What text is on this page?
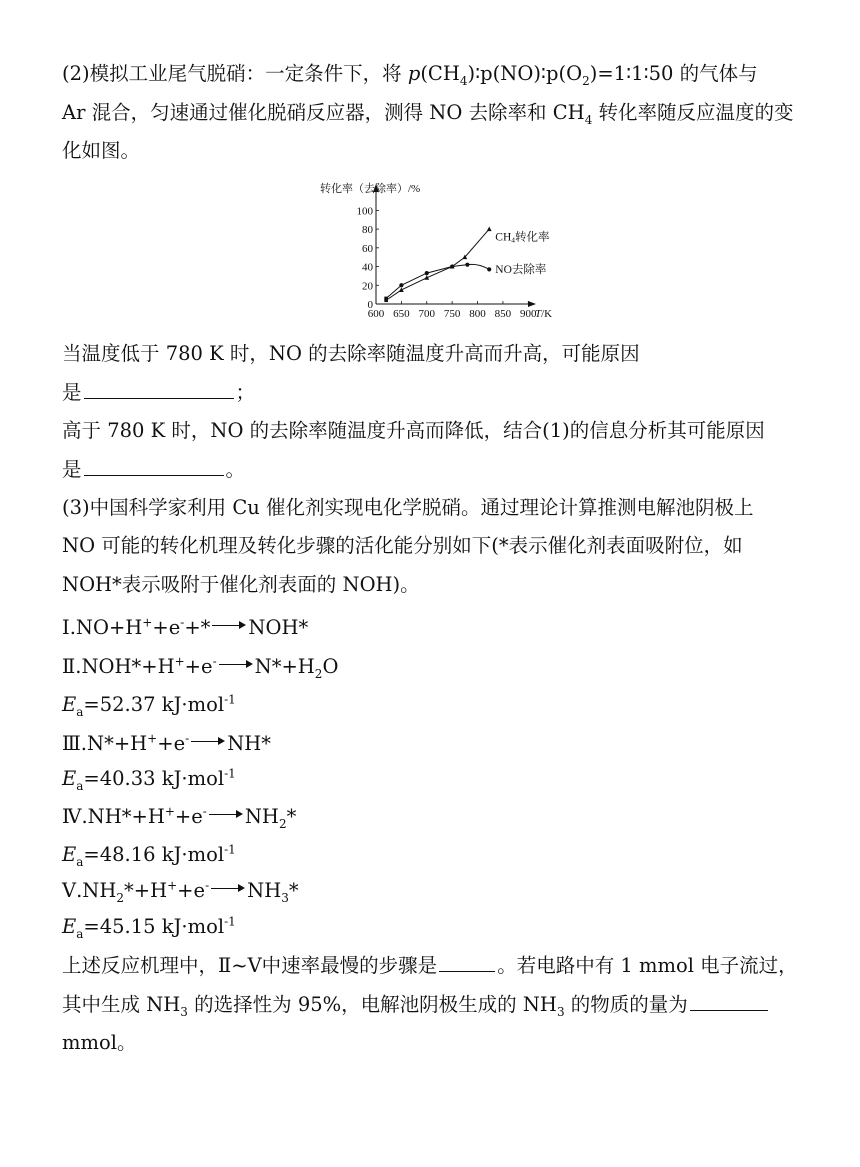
(2)模拟工业尾气脱硝：一定条件下，将 $p(CH_4)∶p(NO)∶p(O_2)=1∶1∶50$ 的气体与
Ar 混合，匀速通过催化脱硝反应器，测得 NO 去除率和 $CH_4$ 转化率随反应温度的变
化如图。
转化率（去除率）/%
0
20
40
60
80
100
600 650 700 750 800 850 900
T/K
CH4转化率
NO去除率
当温度低于 780 K 时，NO 的去除率随温度升高而升高，可能原因
是	；
高于 780 K 时，NO 的去除率随温度升高而降低，结合(1)的信息分析其可能原因
是	。
(3)中国科学家利用 Cu 催化剂实现电化学脱硝。通过理论计算推测电解池阴极上
NO 可能的转化机理及转化步骤的活化能分别如下(*表示催化剂表面吸附位，如
NOH*表示吸附于催化剂表面的 NOH)。
Ⅰ.NO+H++e-+* NOH*
Ⅱ.NOH*+H++e- $N*+H_2O$
$E_a=52.37$ kJ·mol$^{-1}$
Ⅲ.N*+H++e- NH*
$E_a=40.33$ kJ·mol$^{-1}$
Ⅳ.NH*+H++e- $NH_2*$
$E_a=48.16$ kJ·mol$^{-1}$
$Ⅴ.NH_2*+H^++e^-$ $NH_3*$
$E_a=45.15$ kJ·mol$^{-1}$
上述反应机理中，Ⅱ~Ⅴ中速率最慢的步骤是	。若电路中有 1 mmol 电子流过，
其中生成 $NH_3$ 的选择性为 95%，电解池阴极生成的 $NH_3$ 的物质的量为
mmol。
